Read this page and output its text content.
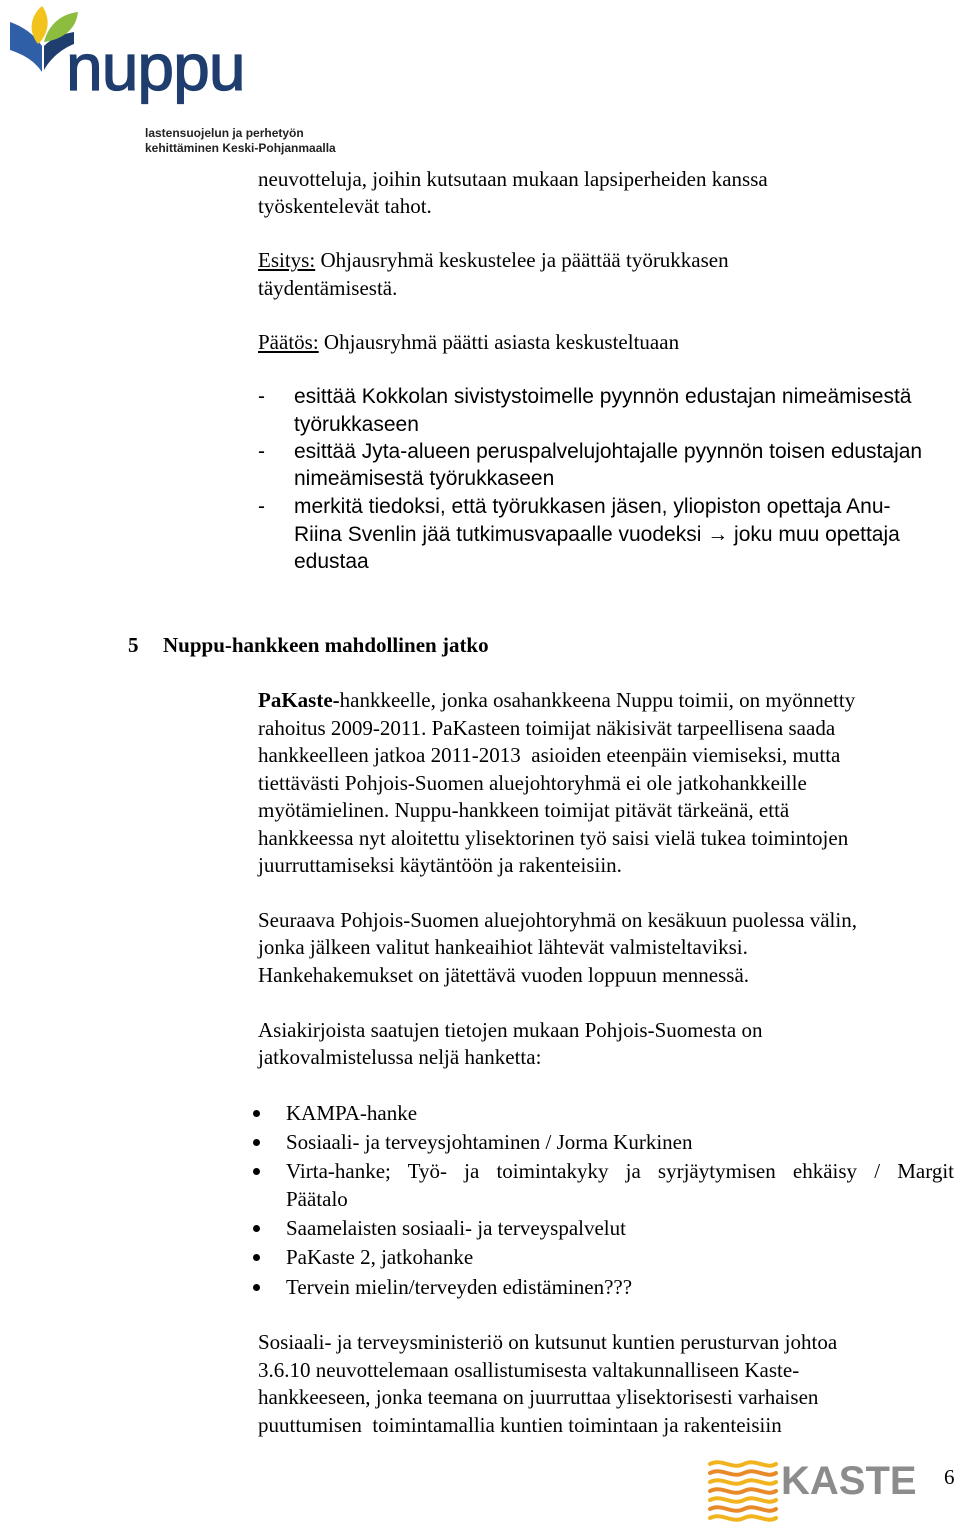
nuppu
lastensuojelun ja perhetyön
kehittäminen Keski-Pohjanmaalla
neuvotteluja, joihin kutsutaan mukaan lapsiperheiden kanssa
työskentelevät tahot.
Esitys: Ohjausryhmä keskustelee ja päättää työrukkasen
täydentämisestä.
Päätös: Ohjausryhmä päätti asiasta keskusteltuaan
- esittää Kokkolan sivistystoimelle pyynnön edustajan nimeämisestä
työrukkaseen
- esittää Jyta-alueen peruspalvelujohtajalle pyynnön toisen edustajan
nimeämisestä työrukkaseen
- merkitä tiedoksi, että työrukkasen jäsen, yliopiston opettaja Anu-
Riina Svenlin jää tutkimusvapaalle vuodeksi → joku muu opettaja
edustaa
5 Nuppu-hankkeen mahdollinen jatko
PaKaste-hankkeelle, jonka osahankkeena Nuppu toimii, on myönnetty
rahoitus 2009-2011. PaKasteen toimijat näkisivät tarpeellisena saada
hankkeelleen jatkoa 2011-2013  asioiden eteenpäin viemiseksi, mutta
tiettävästi Pohjois-Suomen aluejohtoryhmä ei ole jatkohankkeille
myötämielinen. Nuppu-hankkeen toimijat pitävät tärkeänä, että
hankkeessa nyt aloitettu ylisektorinen työ saisi vielä tukea toimintojen
juurruttamiseksi käytäntöön ja rakenteisiin.
Seuraava Pohjois-Suomen aluejohtoryhmä on kesäkuun puolessa välin,
jonka jälkeen valitut hankeaihiot lähtevät valmisteltaviksi.
Hankehakemukset on jätettävä vuoden loppuun mennessä.
Asiakirjoista saatujen tietojen mukaan Pohjois-Suomesta on
jatkovalmistelussa neljä hanketta:
KAMPA-hanke
Sosiaali- ja terveysjohtaminen / Jorma Kurkinen
Virta-hanke; Työ- ja toimintakyky ja syrjäytymisen ehkäisy / Margit
Päätalo
Saamelaisten sosiaali- ja terveyspalvelut
PaKaste 2, jatkohanke
Tervein mielin/terveyden edistäminen???
Sosiaali- ja terveysministeriö on kutsunut kuntien perusturvan johtoa
3.6.10 neuvottelemaan osallistumisesta valtakunnalliseen Kaste-
hankkeeseen, jonka teemana on juurruttaa ylisektorisesti varhaisen
puuttumisen  toimintamallia kuntien toimintaan ja rakenteisiin
KASTE 6
